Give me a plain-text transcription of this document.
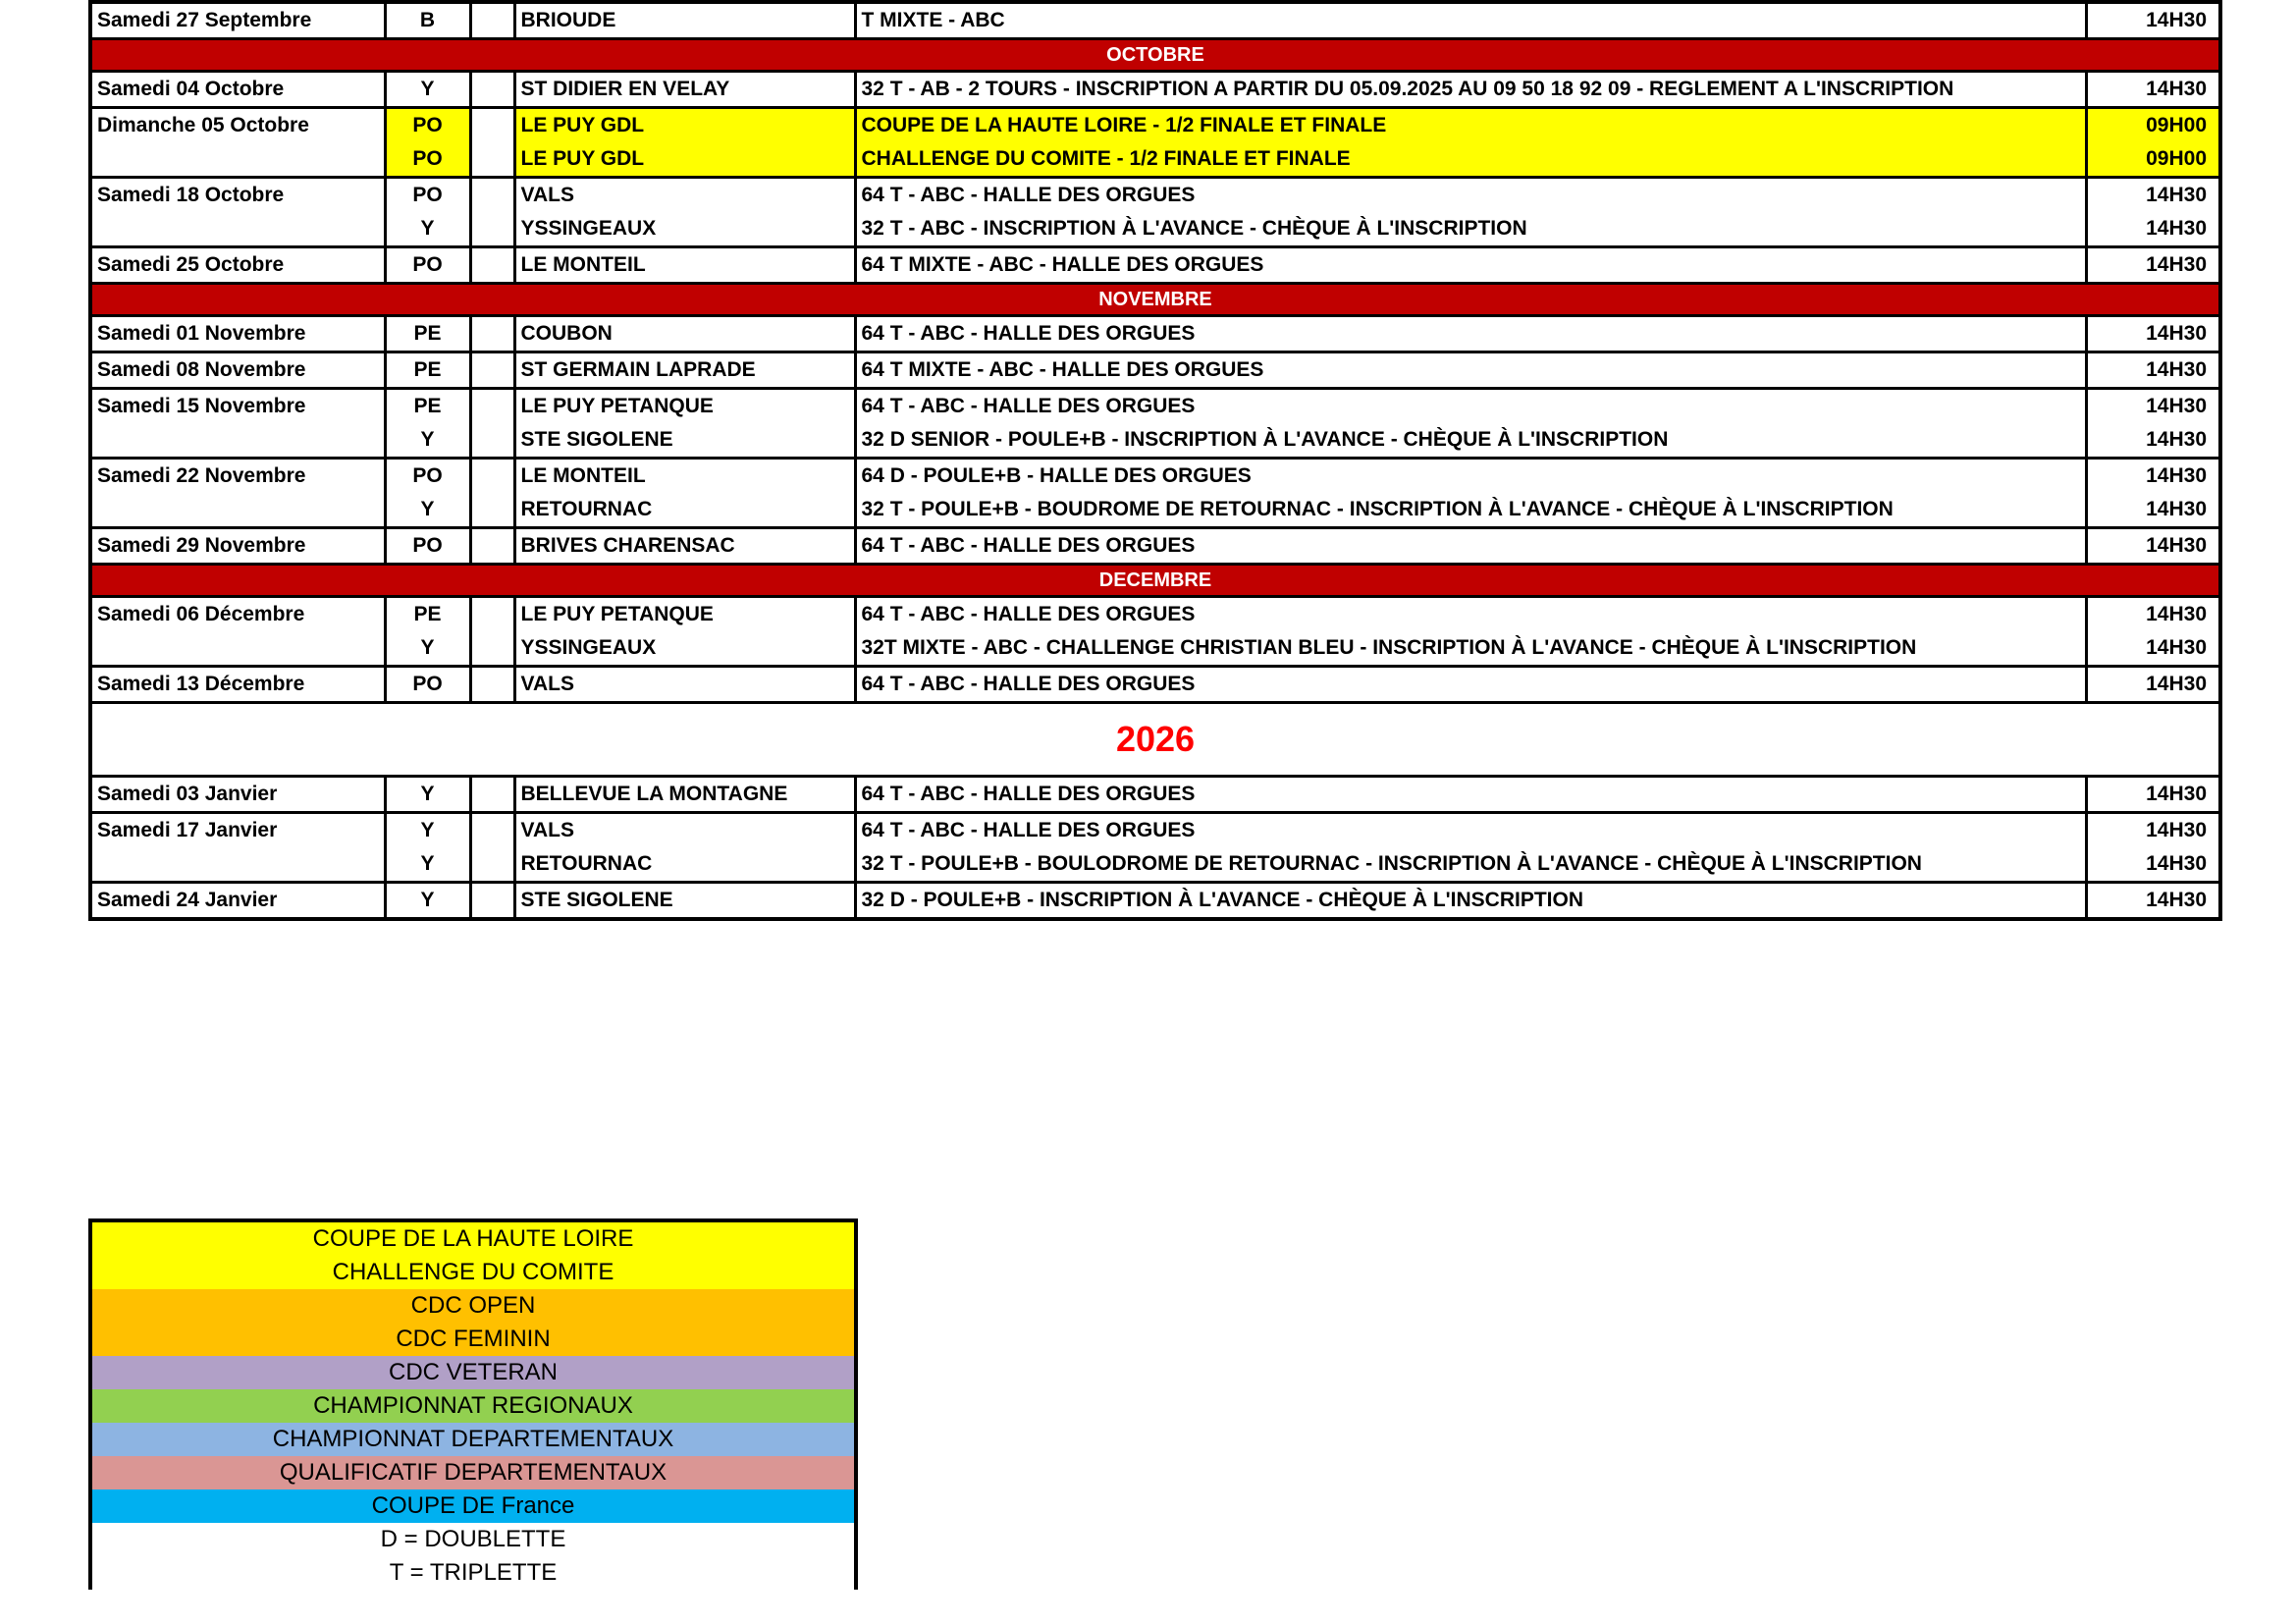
Samedi 27 Septembre	B		BRIOUDE	T MIXTE - ABC	14H30
OCTOBRE					
Samedi 04 Octobre	Y		ST DIDIER EN VELAY	32 T - AB - 2 TOURS - INSCRIPTION A PARTIR DU 05.09.2025 AU 09 50 18 92 09 - REGLEMENT A L'INSCRIPTION	14H30
Dimanche 05 Octobre	PO		LE PUY GDL	COUPE DE LA HAUTE LOIRE - 1/2 FINALE ET FINALE	09H00
	PO		LE PUY GDL	CHALLENGE DU COMITE - 1/2 FINALE ET FINALE	09H00
Samedi 18 Octobre	PO		VALS	64 T - ABC - HALLE DES ORGUES	14H30
	Y		YSSINGEAUX	32 T - ABC - INSCRIPTION À L'AVANCE - CHÈQUE À L'INSCRIPTION	14H30
Samedi 25 Octobre	PO		LE MONTEIL	64 T MIXTE - ABC - HALLE DES ORGUES	14H30
NOVEMBRE					
Samedi 01 Novembre	PE		COUBON	64 T - ABC - HALLE DES ORGUES	14H30
Samedi 08 Novembre	PE		ST GERMAIN LAPRADE	64 T MIXTE - ABC - HALLE DES ORGUES	14H30
Samedi 15 Novembre	PE		LE PUY PETANQUE	64 T - ABC - HALLE DES ORGUES	14H30
	Y		STE SIGOLENE	32 D SENIOR - POULE+B - INSCRIPTION À L'AVANCE - CHÈQUE À L'INSCRIPTION	14H30
Samedi 22 Novembre	PO		LE MONTEIL	64 D - POULE+B - HALLE DES ORGUES	14H30
	Y		RETOURNAC	32 T - POULE+B - BOUDROME DE RETOURNAC - INSCRIPTION À L'AVANCE - CHÈQUE À L'INSCRIPTION	14H30
Samedi 29 Novembre	PO		BRIVES CHARENSAC	64 T - ABC - HALLE DES ORGUES	14H30
DECEMBRE					
Samedi 06 Décembre	PE		LE PUY PETANQUE	64 T - ABC - HALLE DES ORGUES	14H30
	Y		YSSINGEAUX	32T MIXTE - ABC - CHALLENGE CHRISTIAN BLEU - INSCRIPTION À L'AVANCE - CHÈQUE À L'INSCRIPTION	14H30
Samedi 13 Décembre	PO		VALS	64 T - ABC - HALLE DES ORGUES	14H30
2026					
Samedi 03 Janvier	Y		BELLEVUE LA MONTAGNE	64 T - ABC - HALLE DES ORGUES	14H30
Samedi 17 Janvier	Y		VALS	64 T - ABC - HALLE DES ORGUES	14H30
	Y		RETOURNAC	32 T - POULE+B - BOULODROME DE RETOURNAC - INSCRIPTION À L'AVANCE - CHÈQUE À L'INSCRIPTION	14H30
Samedi 24 Janvier	Y		STE SIGOLENE	32 D - POULE+B - INSCRIPTION À L'AVANCE - CHÈQUE À L'INSCRIPTION	14H30
COUPE DE LA HAUTE LOIRE
CHALLENGE DU COMITE
CDC OPEN
CDC FEMININ
CDC VETERAN
CHAMPIONNAT REGIONAUX
CHAMPIONNAT DEPARTEMENTAUX
QUALIFICATIF DEPARTEMENTAUX
COUPE DE France
D = DOUBLETTE
T = TRIPLETTE
